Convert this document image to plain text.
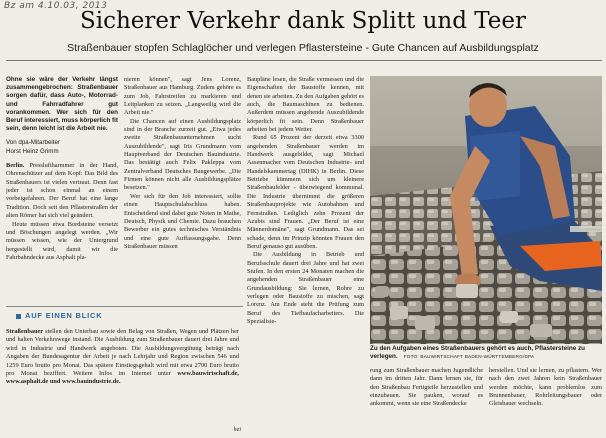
Bz am 4.10.03, 2013
Sicherer Verkehr dank Splitt und Teer
Straßenbauer stopfen Schlaglöcher und verlegen Pflastersteine - Gute Chancen auf Ausbildungsplatz
Ohne sie wäre der Verkehr längst zusammengebrochen: Straßenbauer sorgen dafür, dass Auto-, Motorrad- und Fahrradfahrer gut vorankommen. Wer sich für den Beruf interessiert, muss körperlich fit sein, denn leicht ist die Arbeit nie.
Von dpa-Mitarbeiter
Horst Heinz Grimm

Berlin. Pressluftharmmer in der Hand, Ohrenschützer auf dem Kopf: Das Bild des Straßenbauers ist vielen vertraut. Denn fast jeder ist schon einmal an einem vorbeigefahren. Der Beruf hat eine lange Tradition. Doch seit den Pflasterstraßen der alten Römer hat sich viel geändert.

Heute müssen etwa Bordsteine versetzt und Böschungen angelegt werden. „Wir müssen wissen, wie der Untergrund hergestellt wird, damit wir die Fahrbahndecke aus Asphalt pla-

nieren können", sagt Jens Lorenz, Straßenbauer aus Hamburg. Zudem gehöre es zum Job, Fahrstreifen zu markieren und Leitplanken zu setzen. „Langweilig wird die Arbeit nie."

Die Chancen auf einen Ausbildungsplatz sind in der Branche zurzeit gut. „Etwa jedes zweite Straßenbauunternehmen sucht Auszubildende", sagt Iris Grundmann vom Hauptverband der Deutschen Bauindustrie. Das bestätigt auch Felix Pakleppa vom Zentralverband Deutsches Baugewerbe. „Die Firmen können nicht alle Ausbildungsplätze besetzen."

Wer sich für den Job interessiert, sollte einen Hauptschulabschluss haben. Entscheidend sind dabei gute Noten in Mathe, Deutsch, Physik und Chemie. Dazu brauchen Bewerber ein gutes technisches Verständnis und eine gute Auffassungsgabe. Denn Straßenbauer müssen

AUF EINEN BLICK
Straßenbauer stellen den Unterbau sowie den Belag von Straßen, Wegen und Plätzen her und halten Verkehrswege instand. Die Ausbildung zum Straßenbauer dauert drei Jahre und wird in Industrie und Handwerk angeboten. Die Ausbildungsvergütung beträgt nach Angaben der Bundesagentur der Arbeit je nach Lehrjahr und Region zwischen 546 und 1259 Euro brutto pro Monat. Das spätere Einstiegsgehalt wird mit etwa 2700 Euro brutto pro Monat beziffert. Weitere Infos im Internet unter www.bauwirtschaft.de, www.asphalt.de und www.bauindustrie.de.
hei

Baupläne lesen, die Straße vermessen und die Eigenschaften der Baustoffe kennen, mit denen sie arbeiten. Zu den Aufgaben gehört es auch, die Baumaschinen zu bedienen. Außerdem müssen angehende Auszubildende körperlich fit sein. Denn Straßenbauer arbeiten bei jedem Wetter.

Rund 65 Prozent der derzeit etwa 3300 angehenden Straßenbauer werden im Handwerk ausgebildet, sagt Michael Assenmacher vom Deutschen Industrie- und Handelskammertag (DIHK) in Berlin. Diese Betriebe kümmern sich um kleinere Straßenbaufelder - überwiegend kommunal. Die Industrie übernimmt die größeren Straßenbauprojekte wie Autobahnen und Fernstraßen. Lediglich zehn Prozent der Azubis sind Frauen. „Der Beruf ist eine Männerdomäne", sagt Grundmann. Das sei schade, denn im Prinzip könnten Frauen den Beruf genauso gut ausüben.

Die Ausbildung in Betrieb und Berufsschule dauert drei Jahre und hat zwei Stufen. In den ersten 24 Monaten machen die angehenden Straßenbauer eine Grundausbildung: Sie lernen, Rohre zu verlegen oder Baustoffe zu mischen, sagt Lorenz. Am Ende steht die Prüfung zum Beruf des Tiefbaufacharbeiters. Die Spezialisie-

Zu den Aufgaben eines Straßenbauers gehört es auch, Pflastersteine zu verlegen. FOTO: BAUWIRTSCHAFT BADEN-WÜRTTEMBERG/DPA

rung zum Straßenbauer machen Jugendliche dann im dritten Jahr. Dann lernen sie, für den Straßenbau Fertigteile herzustellen und einzubauen. Sie pauken, worauf es ankommt, wenn sie eine Straßendecke

herstellen. Und sie lernen, zu pflastern. Wer nach den zwei Jahren kein Straßenbauer werden möchte, kann problemlos zum Brunnenbauer, Rohrleitungsbauer oder Gleisbauer wechseln.
